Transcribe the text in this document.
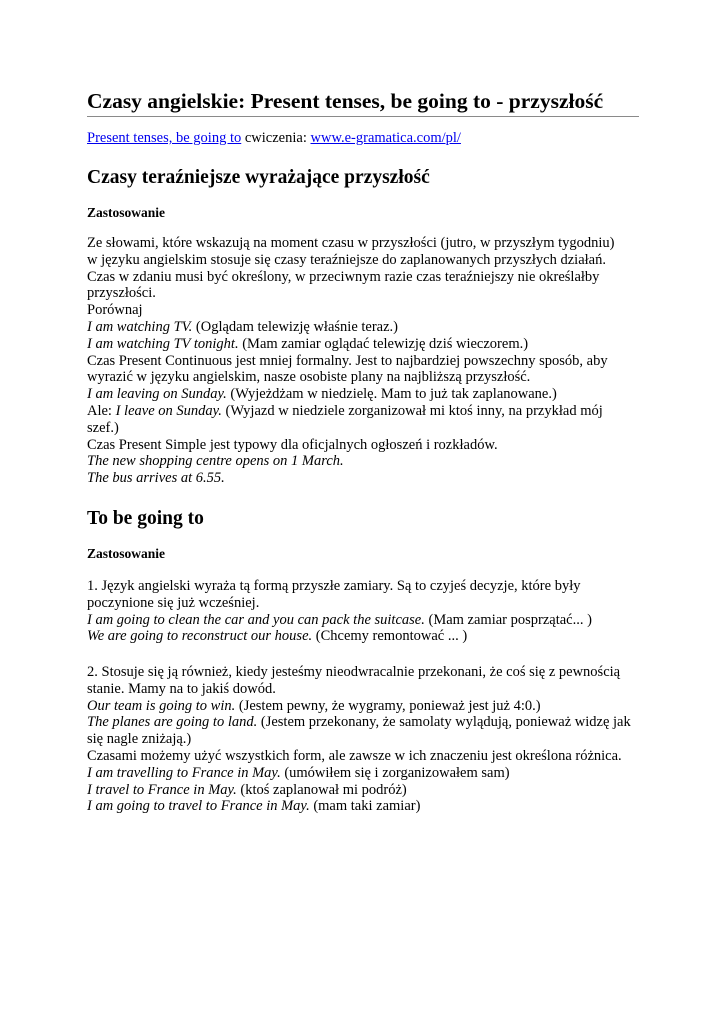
Czasy angielskie: Present tenses, be going to - przyszłość
Present tenses, be going to cwiczenia: www.e-gramatica.com/pl/
Czasy teraźniejsze wyrażające przyszłość

Zastosowanie

Ze słowami, które wskazują na moment czasu w przyszłości (jutro, w przyszłym tygodniu)

w języku angielskim stosuje się czasy teraźniejsze do zaplanowanych przyszłych działań.

Czas w zdaniu musi być określony, w przeciwnym razie czas teraźniejszy nie określałby

przyszłości.

Porównaj

I am watching TV. (Oglądam telewizję właśnie teraz.)

I am watching TV tonight. (Mam zamiar oglądać telewizję dziś wieczorem.)

Czas Present Continuous jest mniej formalny. Jest to najbardziej powszechny sposób, aby

wyrazić w języku angielskim, nasze osobiste plany na najbliższą przyszłość.

I am leaving on Sunday. (Wyjeżdżam w niedzielę. Mam to już tak zaplanowane.)

Ale: I leave on Sunday. (Wyjazd w niedziele zorganizował mi ktoś inny, na przykład mój

szef.)

Czas Present Simple jest typowy dla oficjalnych ogłoszeń i rozkładów.

The new shopping centre opens on 1 March.

The bus arrives at 6.55.

To be going to

Zastosowanie

1. Język angielski wyraża tą formą przyszłe zamiary. Są to czyjeś decyzje, które były

poczynione się już wcześniej.

I am going to clean the car and you can pack the suitcase. (Mam zamiar posprzątać... )

We are going to reconstruct our house. (Chcemy remontować ... )

2. Stosuje się ją również, kiedy jesteśmy nieodwracalnie przekonani, że coś się z pewnością

stanie. Mamy na to jakiś dowód.

Our team is going to win. (Jestem pewny, że wygramy, ponieważ jest już 4:0.)

The planes are going to land. (Jestem przekonany, że samolaty wylądują, ponieważ widzę jak

się nagle zniżają.)

Czasami możemy użyć wszystkich form, ale zawsze w ich znaczeniu jest określona różnica.

I am travelling to France in May. (umówiłem się i zorganizowałem sam)

I travel to France in May. (ktoś zaplanował mi podróż)

I am going to travel to France in May. (mam taki zamiar)
